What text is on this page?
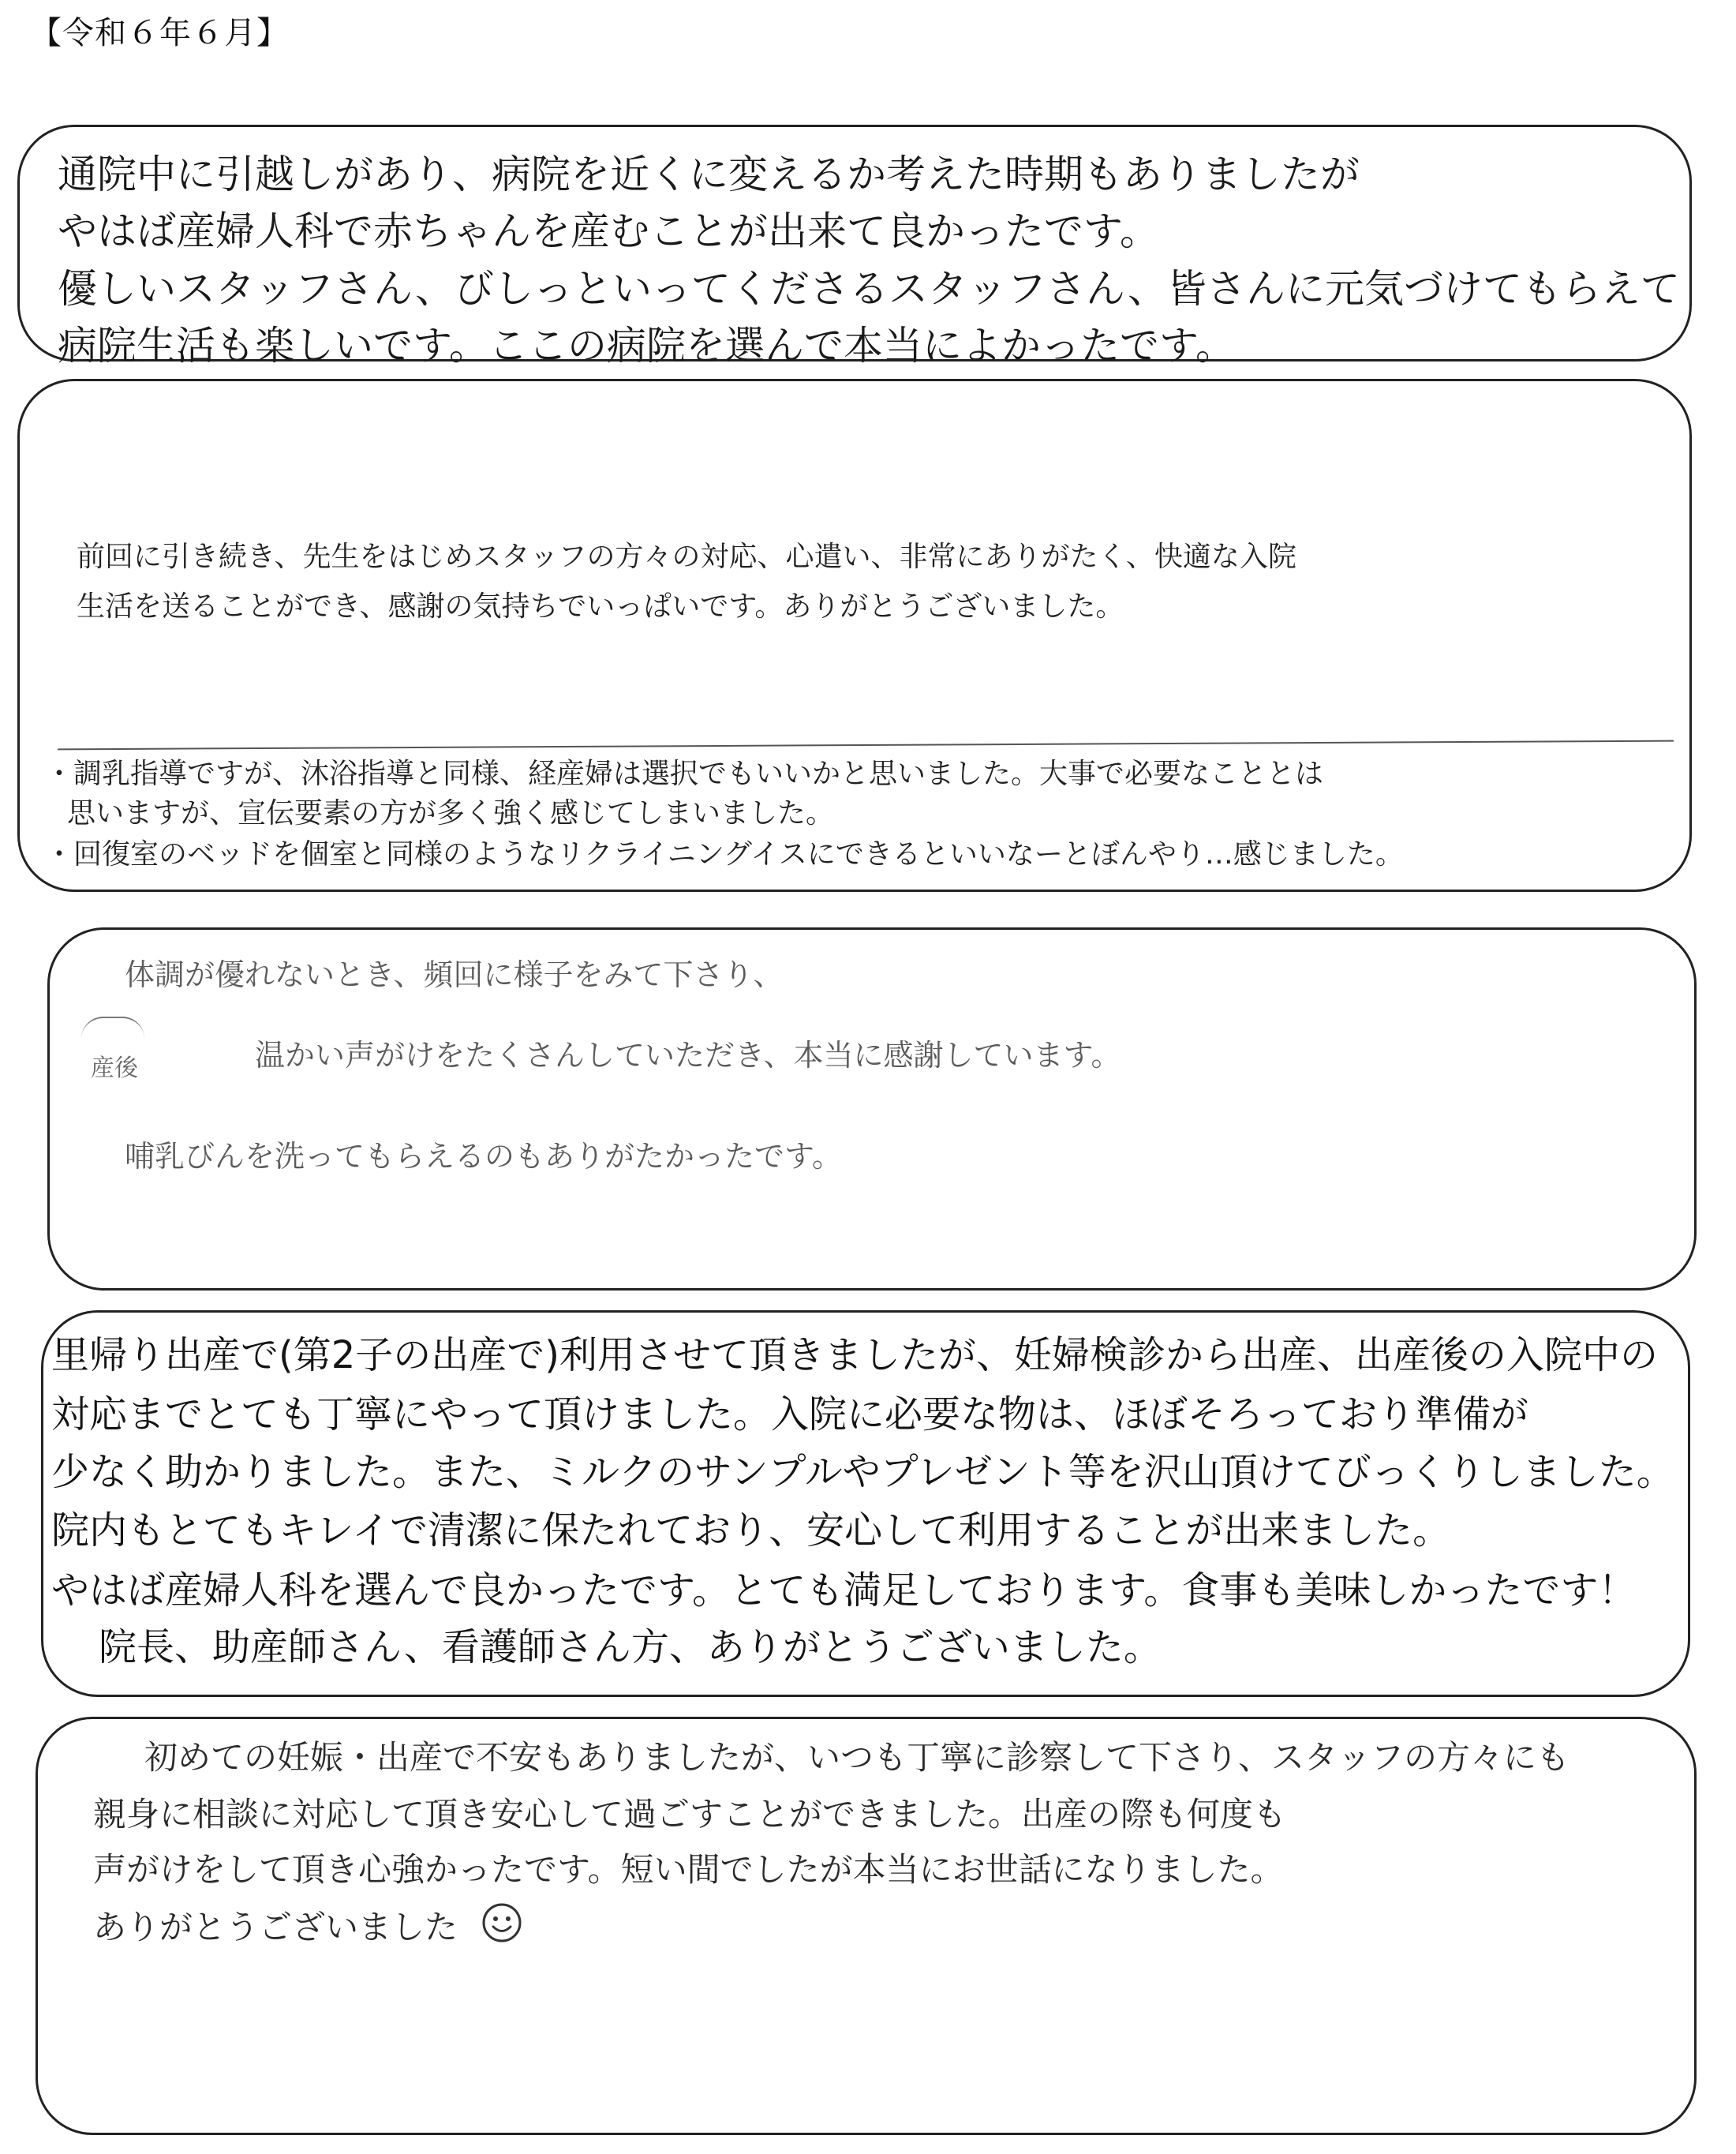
【令和６年６月】
通院中に引越しがあり、病院を近くに変えるか考えた時期もありましたが
やはば産婦人科で赤ちゃんを産むことが出来て良かったです。
優しいスタッフさん、びしっといってくださるスタッフさん、皆さんに元気づけてもらえて
病院生活も楽しいです。ここの病院を選んで本当によかったです。
前回に引き続き、先生をはじめスタッフの方々の対応、心遣い、非常にありがたく、快適な入院
生活を送ることができ、感謝の気持ちでいっぱいです。ありがとうございました。
・調乳指導ですが、沐浴指導と同様、経産婦は選択でもいいかと思いました。大事で必要なこととは
思いますが、宣伝要素の方が多く強く感じてしまいました。
・回復室のベッドを個室と同様のようなリクライニングイスにできるといいなーとぼんやり…感じました。
体調が優れないとき、頻回に様子をみて下さり、
産後	温かい声がけをたくさんしていただき、本当に感謝しています。
哺乳びんを洗ってもらえるのもありがたかったです。
里帰り出産で(第2子の出産で)利用させて頂きましたが、妊婦検診から出産、出産後の入院中の
対応までとても丁寧にやって頂けました。入院に必要な物は、ほぼそろっており準備が
少なく助かりました。また、ミルクのサンプルやプレゼント等を沢山頂けてびっくりしました。
院内もとてもキレイで清潔に保たれており、安心して利用することが出来ました。
やはば産婦人科を選んで良かったです。とても満足しております。食事も美味しかったです！
院長、助産師さん、看護師さん方、ありがとうございました。
初めての妊娠・出産で不安もありましたが、いつも丁寧に診察して下さり、スタッフの方々にも
親身に相談に対応して頂き安心して過ごすことができました。出産の際も何度も
声がけをして頂き心強かったです。短い間でしたが本当にお世話になりました。
ありがとうございました
